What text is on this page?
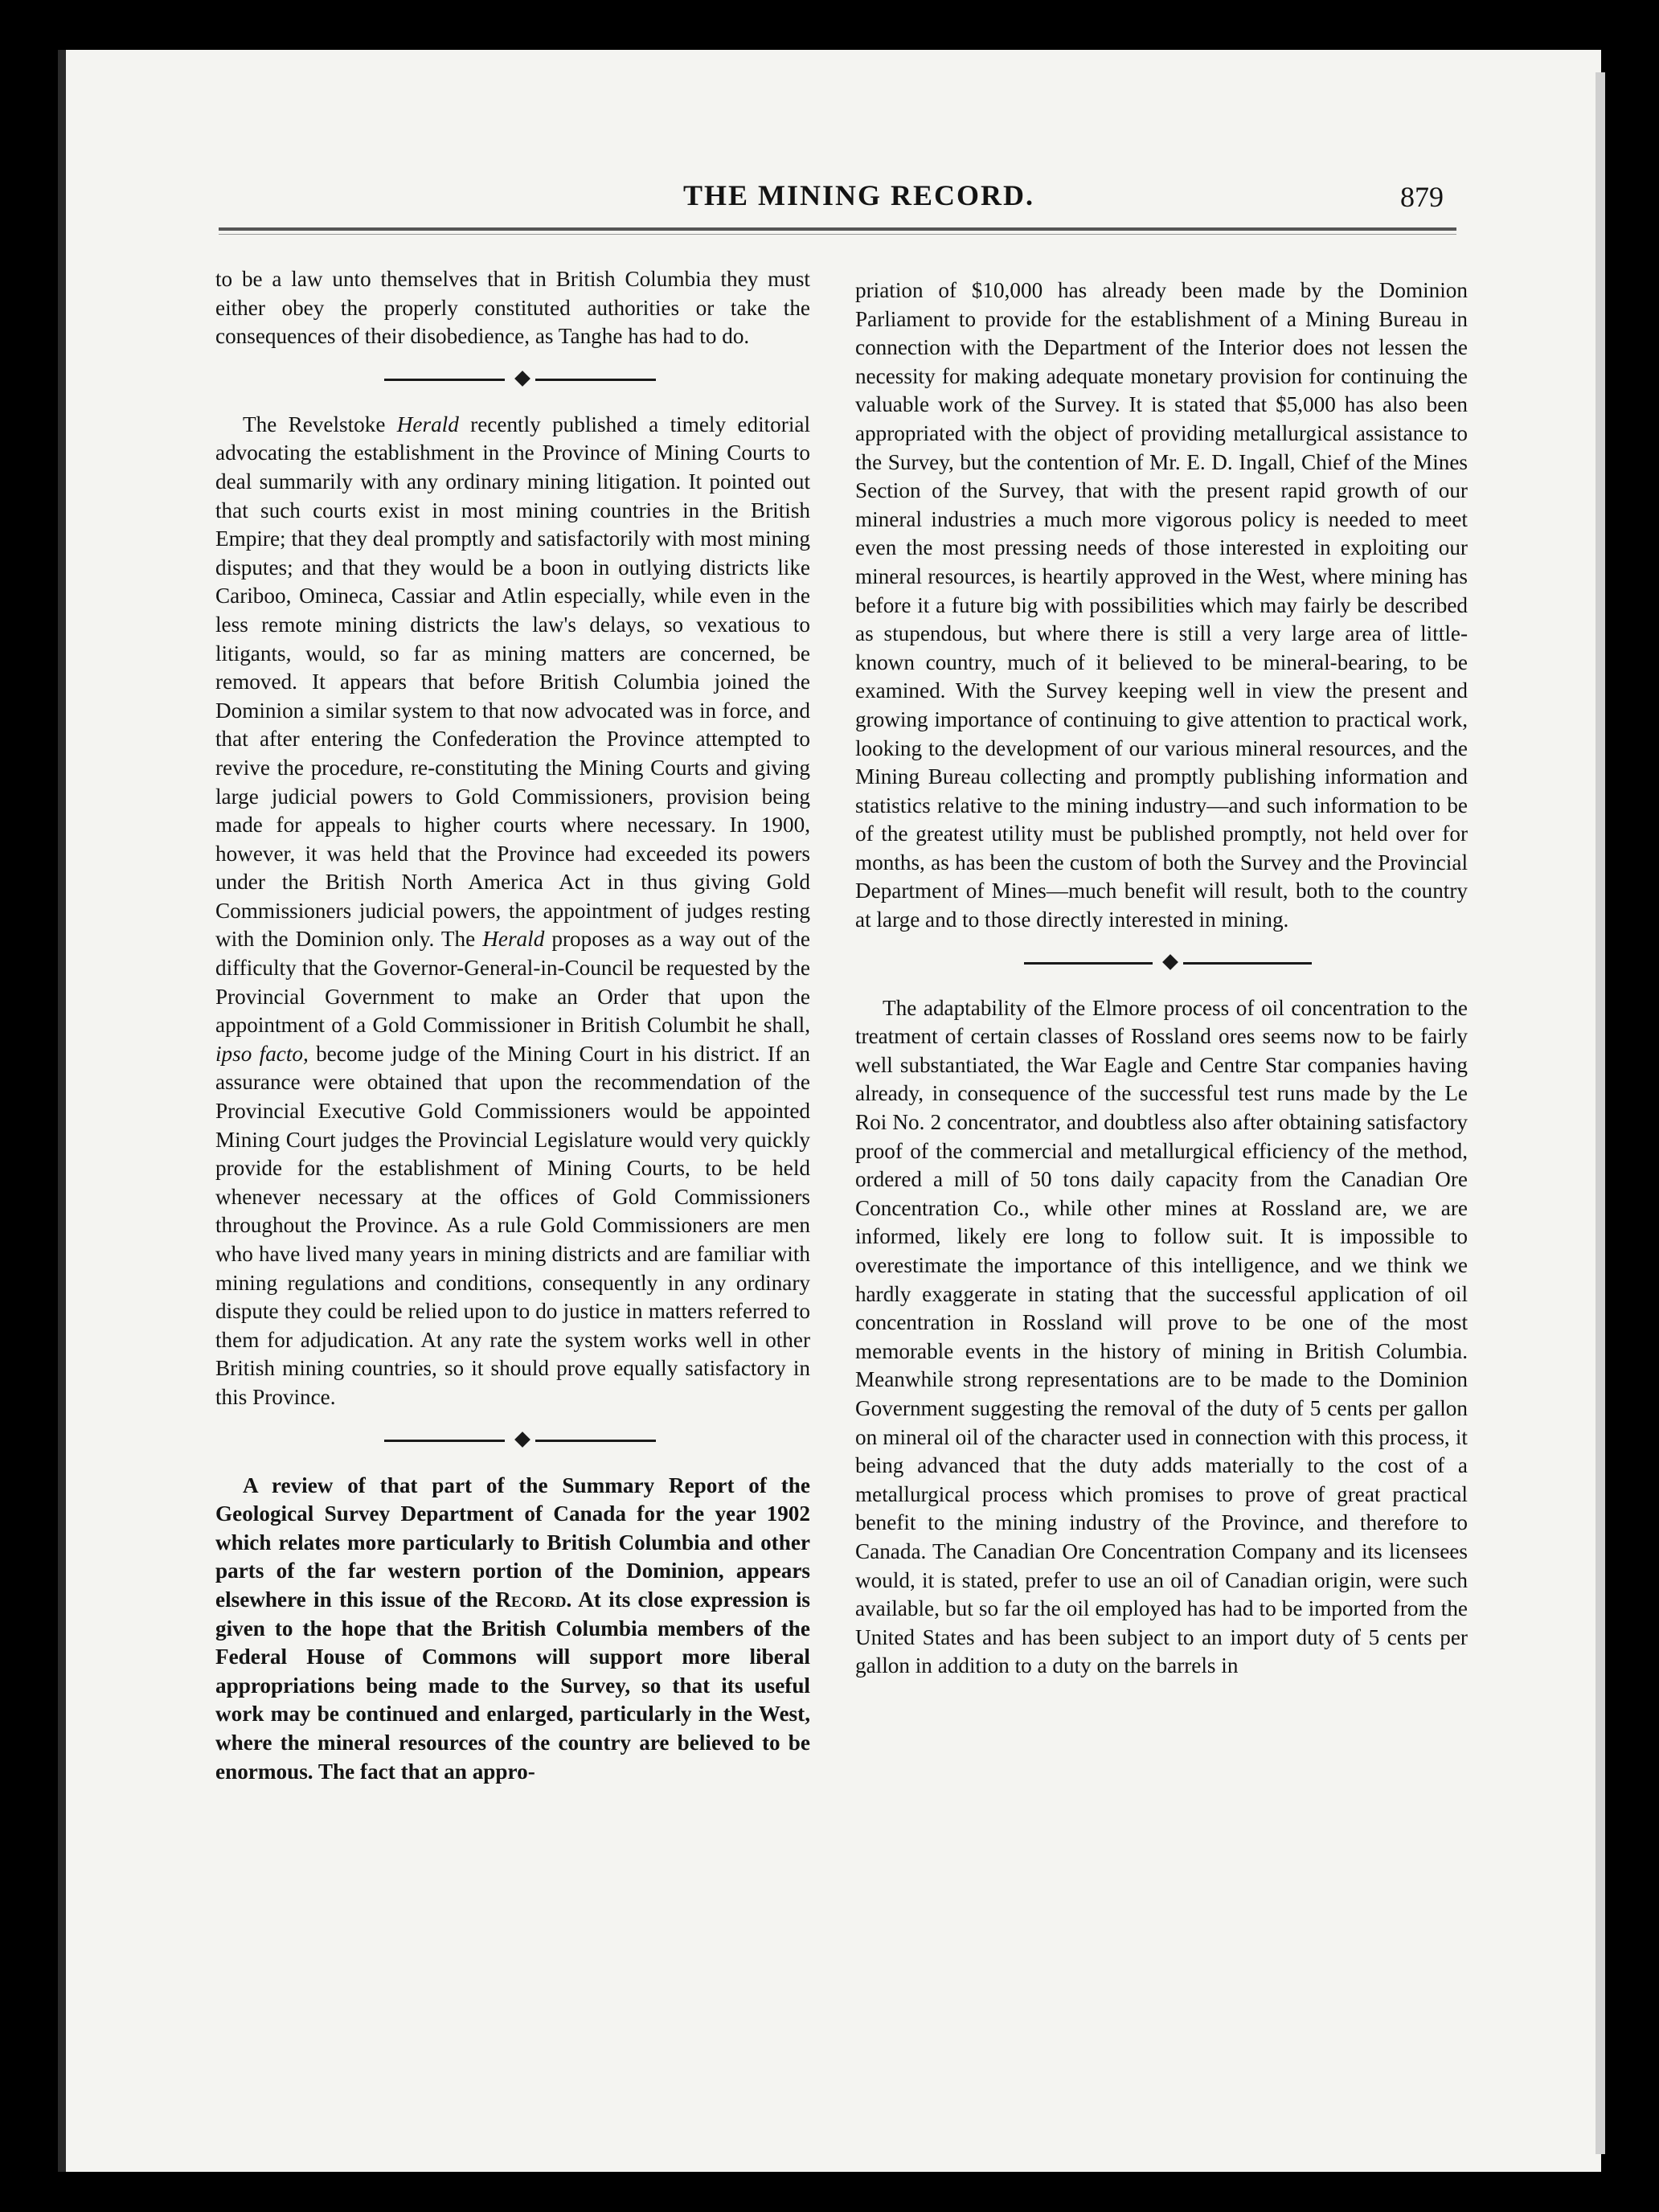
THE MINING RECORD.	879

to be a law unto themselves that in British Columbia they must either obey the properly constituted authorities or take the consequences of their disobedience, as Tanghe has had to do.

The Revelstoke Herald recently published a timely editorial advocating the establishment in the Province of Mining Courts to deal summarily with any ordinary mining litigation. It pointed out that such courts exist in most mining countries in the British Empire; that they deal promptly and satisfactorily with most mining disputes; and that they would be a boon in outlying districts like Cariboo, Omineca, Cassiar and Atlin especially, while even in the less remote mining districts the law's delays, so vexatious to litigants, would, so far as mining matters are concerned, be removed. It appears that before British Columbia joined the Dominion a similar system to that now advocated was in force, and that after entering the Confederation the Province attempted to revive the procedure, re-constituting the Mining Courts and giving large judicial powers to Gold Commissioners, provision being made for appeals to higher courts where necessary. In 1900, however, it was held that the Province had exceeded its powers under the British North America Act in thus giving Gold Commissioners judicial powers, the appointment of judges resting with the Dominion only. The Herald proposes as a way out of the difficulty that the Governor-General-in-Council be requested by the Provincial Government to make an Order that upon the appointment of a Gold Commissioner in British Columbit he shall, ipso facto, become judge of the Mining Court in his district. If an assurance were obtained that upon the recommendation of the Provincial Executive Gold Commissioners would be appointed Mining Court judges the Provincial Legislature would very quickly provide for the establishment of Mining Courts, to be held whenever necessary at the offices of Gold Commissioners throughout the Province. As a rule Gold Commissioners are men who have lived many years in mining districts and are familiar with mining regulations and conditions, consequently in any ordinary dispute they could be relied upon to do justice in matters referred to them for adjudication. At any rate the system works well in other British mining countries, so it should prove equally satisfactory in this Province.

A review of that part of the Summary Report of the Geological Survey Department of Canada for the year 1902 which relates more particularly to British Columbia and other parts of the far western portion of the Dominion, appears elsewhere in this issue of the Record. At its close expression is given to the hope that the British Columbia members of the Federal House of Commons will support more liberal appropriations being made to the Survey, so that its useful work may be continued and enlarged, particularly in the West, where the mineral resources of the country are believed to be enormous. The fact that an appro-

priation of $10,000 has already been made by the Dominion Parliament to provide for the establishment of a Mining Bureau in connection with the Department of the Interior does not lessen the necessity for making adequate monetary provision for continuing the valuable work of the Survey. It is stated that $5,000 has also been appropriated with the object of providing metallurgical assistance to the Survey, but the contention of Mr. E. D. Ingall, Chief of the Mines Section of the Survey, that with the present rapid growth of our mineral industries a much more vigorous policy is needed to meet even the most pressing needs of those interested in exploiting our mineral resources, is heartily approved in the West, where mining has before it a future big with possibilities which may fairly be described as stupendous, but where there is still a very large area of little-known country, much of it believed to be mineral-bearing, to be examined. With the Survey keeping well in view the present and growing importance of continuing to give attention to practical work, looking to the development of our various mineral resources, and the Mining Bureau collecting and promptly publishing information and statistics relative to the mining industry—and such information to be of the greatest utility must be published promptly, not held over for months, as has been the custom of both the Survey and the Provincial Department of Mines—much benefit will result, both to the country at large and to those directly interested in mining.

The adaptability of the Elmore process of oil concentration to the treatment of certain classes of Rossland ores seems now to be fairly well substantiated, the War Eagle and Centre Star companies having already, in consequence of the successful test runs made by the Le Roi No. 2 concentrator, and doubtless also after obtaining satisfactory proof of the commercial and metallurgical efficiency of the method, ordered a mill of 50 tons daily capacity from the Canadian Ore Concentration Co., while other mines at Rossland are, we are informed, likely ere long to follow suit. It is impossible to overestimate the importance of this intelligence, and we think we hardly exaggerate in stating that the successful application of oil concentration in Rossland will prove to be one of the most memorable events in the history of mining in British Columbia. Meanwhile strong representations are to be made to the Dominion Government suggesting the removal of the duty of 5 cents per gallon on mineral oil of the character used in connection with this process, it being advanced that the duty adds materially to the cost of a metallurgical process which promises to prove of great practical benefit to the mining industry of the Province, and therefore to Canada. The Canadian Ore Concentration Company and its licensees would, it is stated, prefer to use an oil of Canadian origin, were such available, but so far the oil employed has had to be imported from the United States and has been subject to an import duty of 5 cents per gallon in addition to a duty on the barrels in
